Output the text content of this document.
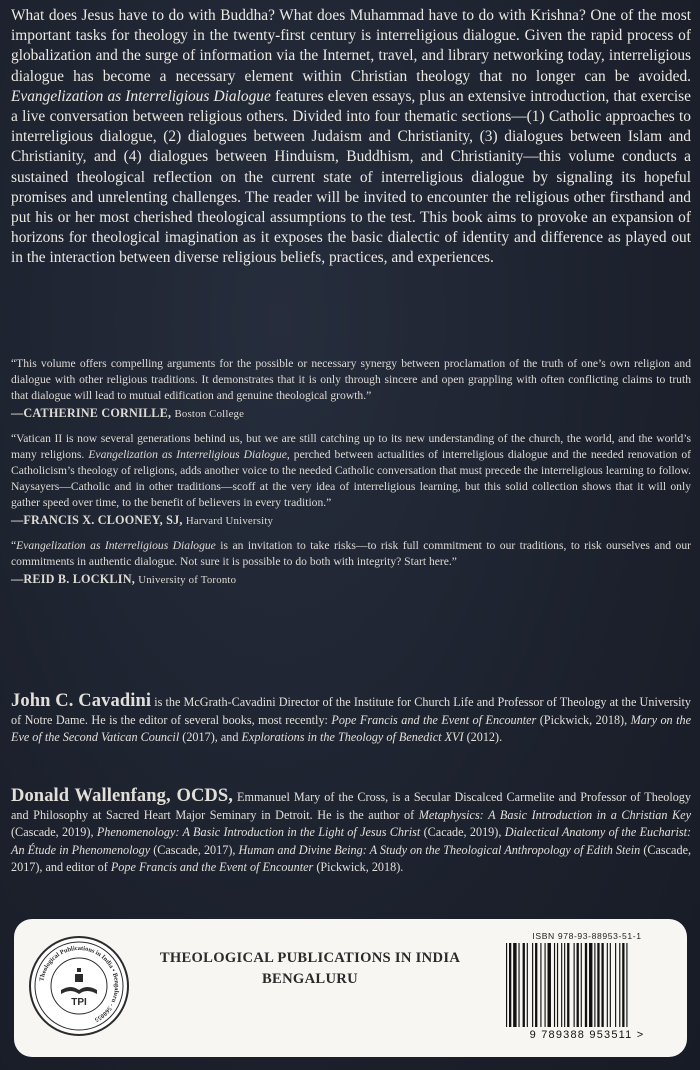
What does Jesus have to do with Buddha? What does Muhammad have to do with Krishna? One of the most important tasks for theology in the twenty-first century is interreligious dialogue. Given the rapid process of globalization and the surge of information via the Internet, travel, and library networking today, interreligious dialogue has become a necessary element within Christian theology that no longer can be avoided. Evangelization as Interreligious Dialogue features eleven essays, plus an extensive introduction, that exercise a live conversation between religious others. Divided into four thematic sections—(1) Catholic approaches to interreligious dialogue, (2) dialogues between Judaism and Christianity, (3) dialogues between Islam and Christianity, and (4) dialogues between Hinduism, Buddhism, and Christianity—this volume conducts a sustained theological reflection on the current state of interreligious dialogue by signaling its hopeful promises and unrelenting challenges. The reader will be invited to encounter the religious other firsthand and put his or her most cherished theological assumptions to the test. This book aims to provoke an expansion of horizons for theological imagination as it exposes the basic dialectic of identity and difference as played out in the interaction between diverse religious beliefs, practices, and experiences.
“This volume offers compelling arguments for the possible or necessary synergy between proclamation of the truth of one’s own religion and dialogue with other religious traditions. It demonstrates that it is only through sincere and open grappling with often conflicting claims to truth that dialogue will lead to mutual edification and genuine theological growth.”
—CATHERINE CORNILLE, Boston College
“Vatican II is now several generations behind us, but we are still catching up to its new understanding of the church, the world, and the world’s many religions. Evangelization as Interreligious Dialogue, perched between actualities of interreligious dialogue and the needed renovation of Catholicism’s theology of religions, adds another voice to the needed Catholic conversation that must precede the interreligious learning to follow. Naysayers—Catholic and in other traditions—scoff at the very idea of interreligious learning, but this solid collection shows that it will only gather speed over time, to the benefit of believers in every tradition.”
—FRANCIS X. CLOONEY, SJ, Harvard University
“Evangelization as Interreligious Dialogue is an invitation to take risks—to risk full commitment to our traditions, to risk ourselves and our commitments in authentic dialogue. Not sure it is possible to do both with integrity? Start here.”
—REID B. LOCKLIN, University of Toronto
John C. Cavadini is the McGrath-Cavadini Director of the Institute for Church Life and Professor of Theology at the University of Notre Dame. He is the editor of several books, most recently: Pope Francis and the Event of Encounter (Pickwick, 2018), Mary on the Eve of the Second Vatican Council (2017), and Explorations in the Theology of Benedict XVI (2012).
Donald Wallenfang, OCDS, Emmanuel Mary of the Cross, is a Secular Discalced Carmelite and Professor of Theology and Philosophy at Sacred Heart Major Seminary in Detroit. He is the author of Metaphysics: A Basic Introduction in a Christian Key (Cascade, 2019), Phenomenology: A Basic Introduction in the Light of Jesus Christ (Cacade, 2019), Dialectical Anatomy of the Eucharist: An Étude in Phenomenology (Cascade, 2017), Human and Divine Being: A Study on the Theological Anthropology of Edith Stein (Cascade, 2017), and editor of Pope Francis and the Event of Encounter (Pickwick, 2018).
Theological Publications in India • Bengaluru - 560055
TPI
THEOLOGICAL PUBLICATIONS IN INDIA
BENGALURU
ISBN 978-93-88953-51-1
9 789388 953511 >
